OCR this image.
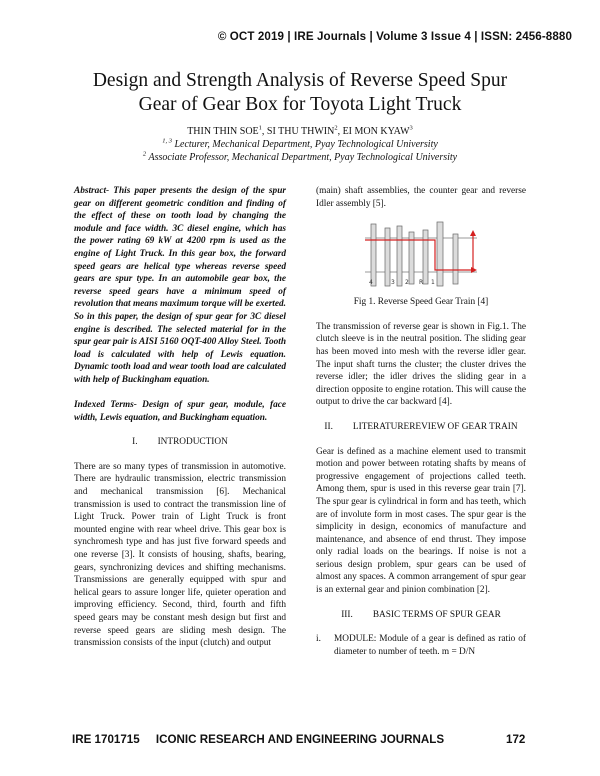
© OCT 2019 | IRE Journals | Volume 3 Issue 4 | ISSN: 2456-8880
Design and Strength Analysis of Reverse Speed Spur
Gear of Gear Box for Toyota Light Truck
THIN THIN SOE$^1$, SI THU THWIN$^2$, EI MON KYAW$^3$
$^{1, 3}$ Lecturer, Mechanical Department, Pyay Technological University
$^2$ Associate Professor, Mechanical Department, Pyay Technological University

Abstract- This paper presents the design of the spur gear on different geometric condition and finding of the effect of these on tooth load by changing the module and face width. 3C diesel engine, which has the power rating 69 kW at 4200 rpm is used as the engine of Light Truck. In this gear box, the forward speed gears are helical type whereas reverse speed gears are spur type. In an automobile gear box, the reverse speed gears have a minimum speed of revolution that means maximum torque will be exerted. So in this paper, the design of spur gear for 3C diesel engine is described. The selected material for in the spur gear pair is AISI 5160 OQT-400 Alloy Steel. Tooth load is calculated with help of Lewis equation. Dynamic tooth load and wear tooth load are calculated with help of Buckingham equation.

Indexed Terms- Design of spur gear, module, face width, Lewis equation, and Buckingham equation.

I. INTRODUCTION

There are so many types of transmission in automotive. There are hydraulic transmission, electric transmission and mechanical transmission [6]. Mechanical transmission is used to contract the transmission line of Light Truck. Power train of Light Truck is front mounted engine with rear wheel drive. This gear box is synchromesh type and has just five forward speeds and one reverse [3]. It consists of housing, shafts, bearing, gears, synchronizing devices and shifting mechanisms. Transmissions are generally equipped with spur and helical gears to assure longer life, quieter operation and improving efficiency. Second, third, fourth and fifth speed gears may be constant mesh design but first and reverse speed gears are sliding mesh design. The transmission consists of the input (clutch) and output

(main) shaft assemblies, the counter gear and reverse Idler assembly [5].

4	3 2 R 1
Fig 1. Reverse Speed Gear Train [4]

The transmission of reverse gear is shown in Fig.1. The clutch sleeve is in the neutral position. The sliding gear has been moved into mesh with the reverse idler gear. The input shaft turns the cluster; the cluster drives the reverse idler; the idler drives the sliding gear in a direction opposite to engine rotation. This will cause the output to drive the car backward [4].

II. LITERATUREREVIEW OF GEAR TRAIN

Gear is defined as a machine element used to transmit motion and power between rotating shafts by means of progressive engagement of projections called teeth. Among them, spur is used in this reverse gear train [7]. The spur gear is cylindrical in form and has teeth, which are of involute form in most cases. The spur gear is the simplicity in design, economics of manufacture and maintenance, and absence of end thrust. They impose only radial loads on the bearings. If noise is not a serious design problem, spur gears can be used of almost any spaces. A common arrangement of spur gear is an external gear and pinion combination [2].

III. BASIC TERMS OF SPUR GEAR
i. MODULE: Module of a gear is defined as ratio of diameter to number of teeth. m = D/N
ICONIC RESEARCH AND ENGINEERING JOURNALS
IRE 1701715	172
